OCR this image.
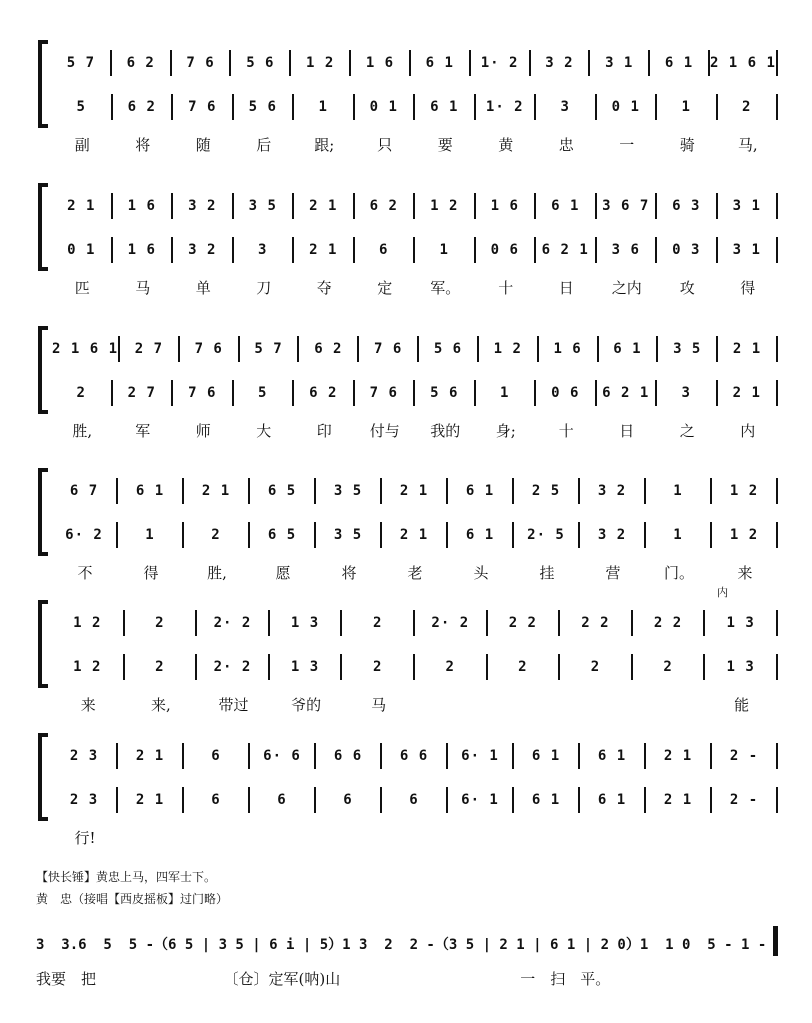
5 7	6 2	7 6	5 6	1 2	1 6	6 1	1· 2	3 2	3 1	6 1	2 1 6 1
5	6 2	7 6	5 6	1	0 1	6 1	1· 2	3	0 1	1	2
副	将	随	后	跟;	只	要	黄	忠	一	骑	马,
2 1	1 6	3 2	3 5	2 1	6 2	1 2	1 6	6 1	3 6 7	6 3	3 1
0 1	1 6	3 2	3	2 1	6	1	0 6	6 2 1	3 6	0 3	3 1
匹	马	单	刀	夺	定	军。	十	日	之内	攻	得
2 1 6 1	2 7	7 6	5 7	6 2	7 6	5 6	1 2	1 6	6 1	3 5	2 1
2	2 7	7 6	5	6 2	7 6	5 6	1	0 6	6 2 1	3	2 1
胜,	军	师	大	印	付与	我的	身;	十	日	之	内
6 7	6 1	2 1	6 5	3 5	2 1	6 1	2 5	3 2	1	1 2
6· 2	1	2	6 5	3 5	2 1	6 1	2· 5	3 2	1	1 2
不	得	胜,	愿	将	老	头	挂	营	门。	来
1 2	2	2· 2	1 3	2	2· 2	2 2	2 2	2 2	1 3
1 2	2	2· 2	1 3	2	2	2	2	2	1 3
内
来	来,	带过	爷的	马	能
2 3	2 1	6	6· 6	6 6	6 6	6· 1	6 1	6 1	2 1	2 -
2 3	2 1	6	6	6	6	6· 1	6 1	6 1	2 1	2 -
行!
【快长锤】黄忠上马，四军士下。
黄　忠（接唱【西皮摇板】过门略）
3  3.6  5  5 -（6 5 | 3 5 | 6 i | 5）1 3  2  2 -（3 5 | 2 1 | 6 1 | 2 0）1  1 0  5 - 1 -
我要　把　　　　　　　　　〔仓〕定军(呐)山　　　　　　　　　　　　一　扫　平。
